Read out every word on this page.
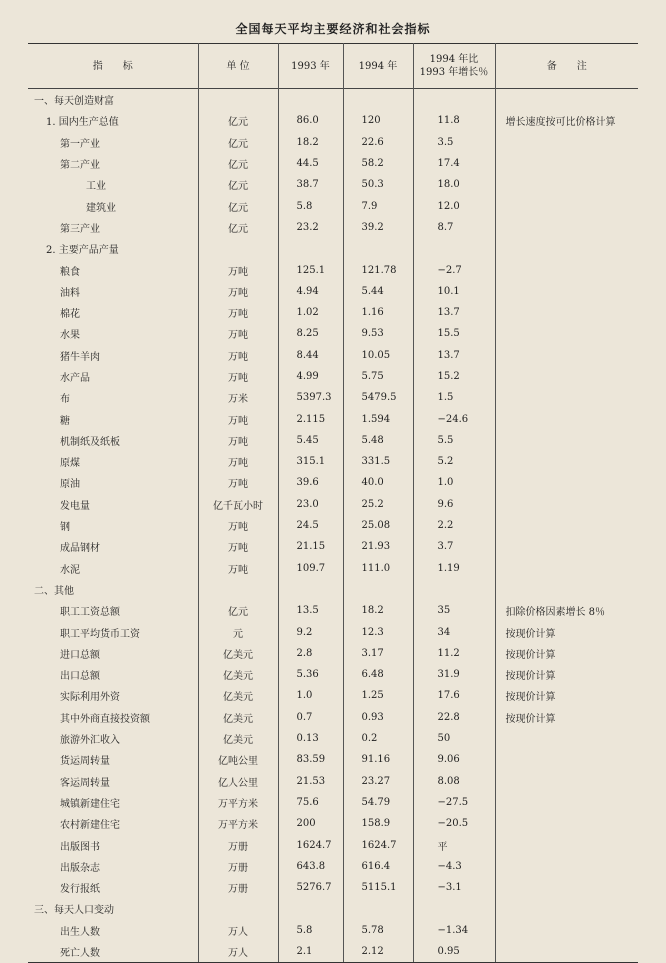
全国每天平均主要经济和社会指标
指　　标	单 位	1993 年	1994 年	1994 年比
1993 年增长％	备　　注
一、每天创造财富					
1. 国内生产总值	亿元	86.0	120	11.8	增长速度按可比价格计算
第一产业	亿元	18.2	22.6	3.5	
第二产业	亿元	44.5	58.2	17.4	
工业	亿元	38.7	50.3	18.0	
建筑业	亿元	5.8	7.9	12.0	
第三产业	亿元	23.2	39.2	8.7	
2. 主要产品产量					
粮食	万吨	125.1	121.78	−2.7	
油料	万吨	4.94	5.44	10.1	
棉花	万吨	1.02	1.16	13.7	
水果	万吨	8.25	9.53	15.5	
猪牛羊肉	万吨	8.44	10.05	13.7	
水产品	万吨	4.99	5.75	15.2	
布	万米	5397.3	5479.5	1.5	
糖	万吨	2.115	1.594	−24.6	
机制纸及纸板	万吨	5.45	5.48	5.5	
原煤	万吨	315.1	331.5	5.2	
原油	万吨	39.6	40.0	1.0	
发电量	亿千瓦小时	23.0	25.2	9.6	
钢	万吨	24.5	25.08	2.2	
成品钢材	万吨	21.15	21.93	3.7	
水泥	万吨	109.7	111.0	1.19	
二、其他					
职工工资总额	亿元	13.5	18.2	35	扣除价格因素增长 8％
职工平均货币工资	元	9.2	12.3	34	按现价计算
进口总额	亿美元	2.8	3.17	11.2	按现价计算
出口总额	亿美元	5.36	6.48	31.9	按现价计算
实际利用外资	亿美元	1.0	1.25	17.6	按现价计算
其中外商直接投资额	亿美元	0.7	0.93	22.8	按现价计算
旅游外汇收入	亿美元	0.13	0.2	50	
货运周转量	亿吨公里	83.59	91.16	9.06	
客运周转量	亿人公里	21.53	23.27	8.08	
城镇新建住宅	万平方米	75.6	54.79	−27.5	
农村新建住宅	万平方米	200	158.9	−20.5	
出版图书	万册	1624.7	1624.7	平	
出版杂志	万册	643.8	616.4	−4.3	
发行报纸	万册	5276.7	5115.1	−3.1	
三、每天人口变动					
出生人数	万人	5.8	5.78	−1.34	
死亡人数	万人	2.1	2.12	0.95	
